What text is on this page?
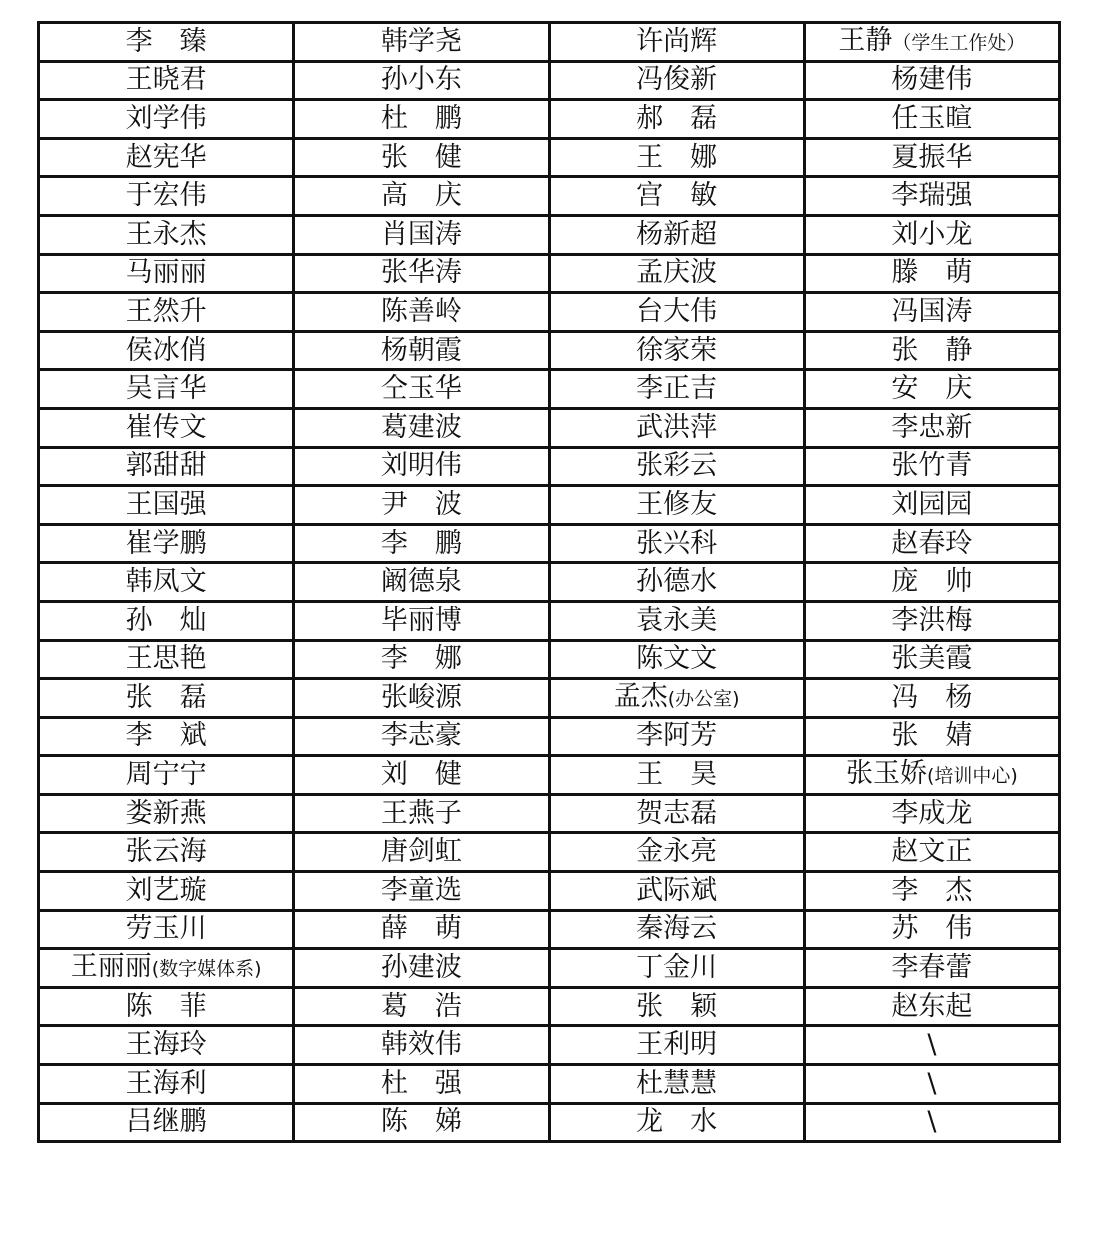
李　臻	韩学尧	许尚辉	王静（学生工作处）
王晓君	孙小东	冯俊新	杨建伟
刘学伟	杜　鹏	郝　磊	任玉暄
赵宪华	张　健	王　娜	夏振华
于宏伟	高　庆	宫　敏	李瑞强
王永杰	肖国涛	杨新超	刘小龙
马丽丽	张华涛	孟庆波	滕　萌
王然升	陈善岭	台大伟	冯国涛
侯冰俏	杨朝霞	徐家荣	张　静
吴言华	仝玉华	李正吉	安　庆
崔传文	葛建波	武洪萍	李忠新
郭甜甜	刘明伟	张彩云	张竹青
王国强	尹　波	王修友	刘园园
崔学鹏	李　鹏	张兴科	赵春玲
韩凤文	阚德泉	孙德水	庞　帅
孙　灿	毕丽博	袁永美	李洪梅
王思艳	李　娜	陈文文	张美霞
张　磊	张峻源	孟杰(办公室)	冯　杨
李　斌	李志豪	李阿芳	张　婧
周宁宁	刘　健	王　昊	张玉娇(培训中心)
娄新燕	王燕子	贺志磊	李成龙
张云海	唐剑虹	金永亮	赵文正
刘艺璇	李童选	武际斌	李　杰
劳玉川	薛　萌	秦海云	苏　伟
王丽丽(数字媒体系)	孙建波	丁金川	李春蕾
陈　菲	葛　浩	张　颖	赵东起
王海玲	韩效伟	王利明	\
王海利	杜　强	杜慧慧	\
吕继鹏	陈　娣	龙　水	\
